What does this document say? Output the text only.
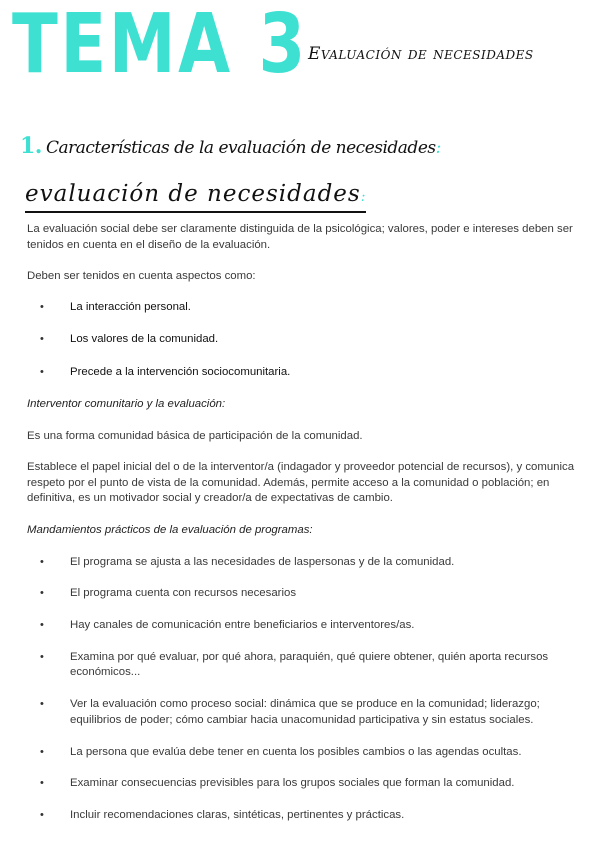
TEMA 3 Evaluación de necesidades
1. Características de la evaluación de necesidades:
evaluación de necesidades:

La evaluación social debe ser claramente distinguida de la psicológica; valores, poder e intereses deben ser tenidos en cuenta en el diseño de la evaluación.

Deben ser tenidos en cuenta aspectos como:

• La interacción personal.
• Los valores de la comunidad.
• Precede a la intervención sociocomunitaria.

Interventor comunitario y la evaluación:

Es una forma comunidad básica de participación de la comunidad.

Establece el papel inicial del o de la interventor/a (indagador y proveedor potencial de recursos), y comunica respeto por el punto de vista de la comunidad. Además, permite acceso a la comunidad o población; en definitiva, es un motivador social y creador/a de expectativas de cambio.

Mandamientos prácticos de la evaluación de programas:

• El programa se ajusta a las necesidades de laspersonas y de la comunidad.
• El programa cuenta con recursos necesarios
• Hay canales de comunicación entre beneficiarios e interventores/as.
• Examina por qué evaluar, por qué ahora, paraquién, qué quiere obtener, quién aporta recursos económicos...
• Ver la evaluación como proceso social: dinámica que se produce en la comunidad; liderazgo; equilibrios de poder; cómo cambiar hacia unacomunidad participativa y sin estatus sociales.
• La persona que evalúa debe tener en cuenta los posibles cambios o las agendas ocultas.
• Examinar consecuencias previsibles para los grupos sociales que forman la comunidad.
• Incluir recomendaciones claras, sintéticas, pertinentes y prácticas.
